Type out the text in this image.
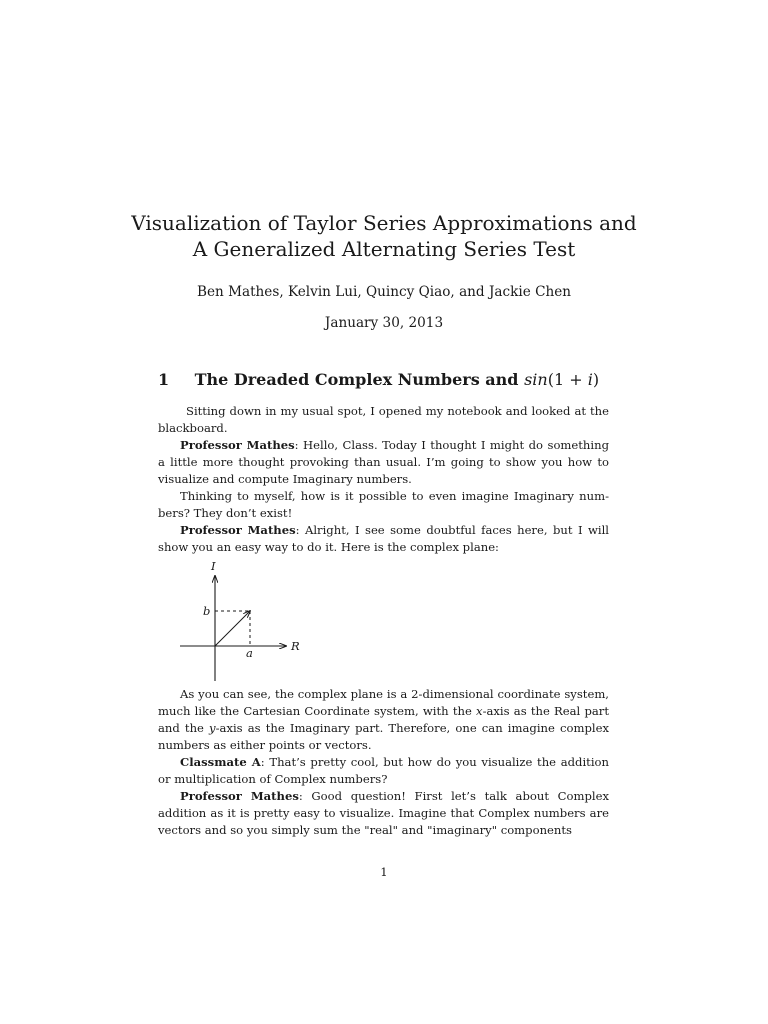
Visualization of Taylor Series Approximations and
A Generalized Alternating Series Test
Ben Mathes, Kelvin Lui, Quincy Qiao, and Jackie Chen
January 30, 2013
1 The Dreaded Complex Numbers and sin(1 + i)

Sitting down in my usual spot, I opened my notebook and looked at the blackboard.

Professor Mathes: Hello, Class. Today I thought I might do something a little more thought provoking than usual. I’m going to show you how to visualize and compute Imaginary numbers.

Thinking to myself, how is it possible to even imagine Imaginary numbers? They don’t exist!

Professor Mathes: Alright, I see some doubtful faces here, but I will show you an easy way to do it. Here is the complex plane:

I
R
b
a

As you can see, the complex plane is a 2-dimensional coordinate system, much like the Cartesian Coordinate system, with the x-axis as the Real part and the y-axis as the Imaginary part. Therefore, one can imagine complex numbers as either points or vectors.

Classmate A: That’s pretty cool, but how do you visualize the addition or multiplication of Complex numbers?

Professor Mathes: Good question! First let’s talk about Complex addition as it is pretty easy to visualize. Imagine that Complex numbers are vectors and so you simply sum the "real" and "imaginary" components

1
